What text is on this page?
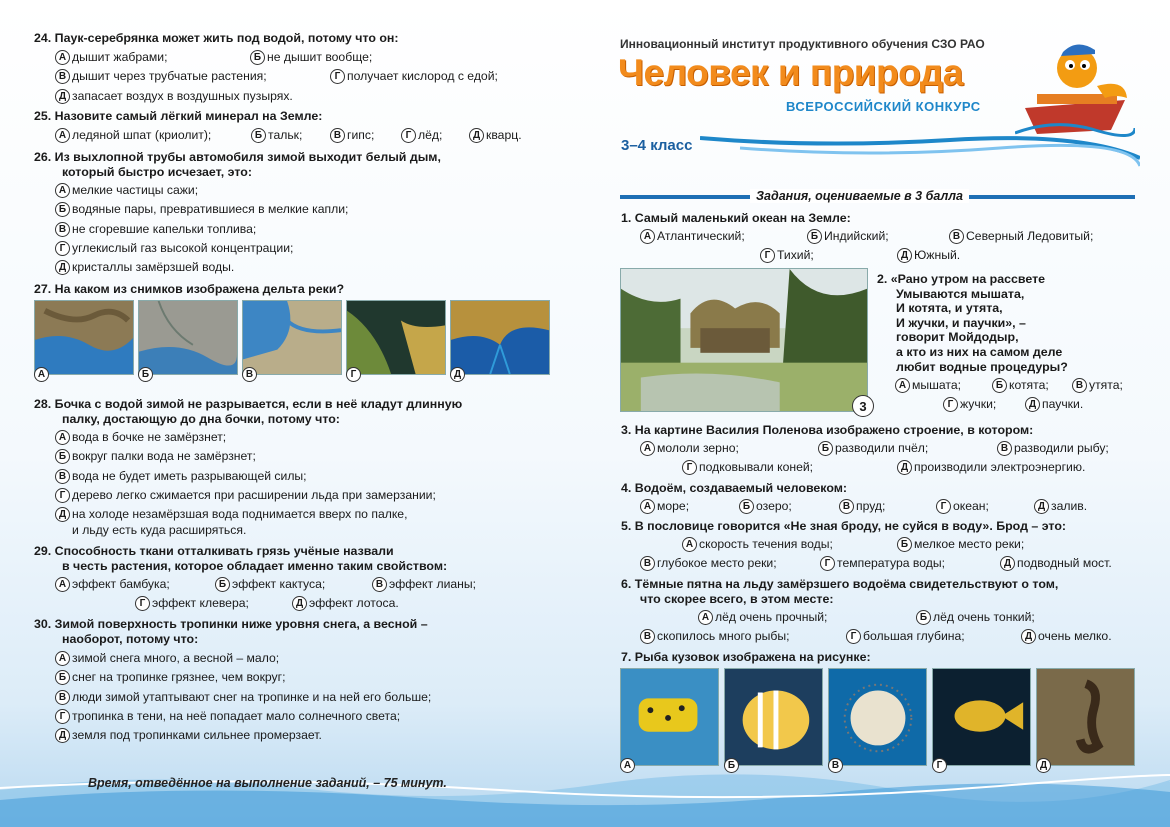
Инновационный институт продуктивного обучения СЗО РАО
Человек и природа
ВСЕРОССИЙСКИЙ КОНКУРС
3–4 класс
Задания, оцениваемые в 3 балла
24. Паук-серебрянка может жить под водой, потому что он:
А дышит жабрами;	Б не дышит вообще;
В дышит через трубчатые растения;	Г получает кислород с едой;
Д запасает воздух в воздушных пузырях.
25. Назовите самый лёгкий минерал на Земле:
А ледяной шпат (криолит);	Б тальк;	В гипс;	Г лёд;	Д кварц.
26. Из выхлопной трубы автомобиля зимой выходит белый дым,
который быстро исчезает, это:
А мелкие частицы сажи;
Б водяные пары, превратившиеся в мелкие капли;
В не сгоревшие капельки топлива;
Г углекислый газ высокой концентрации;
Д кристаллы замёрзшей воды.
27. На каком из снимков изображена дельта реки?
А	Б	В	Г	Д
28. Бочка с водой зимой не разрывается, если в неё кладут длинную
палку, достающую до дна бочки, потому что:
А вода в бочке не замёрзнет;
Б вокруг палки вода не замёрзнет;
В вода не будет иметь разрывающей силы;
Г дерево легко сжимается при расширении льда при замерзании;
Д на холоде незамёрзшая вода поднимается вверх по палке,
и льду есть куда расширяться.
29. Способность ткани отталкивать грязь учёные назвали
в честь растения, которое обладает именно таким свойством:
А эффект бамбука;	Б эффект кактуса;	В эффект лианы;
Г эффект клевера;	Д эффект лотоса.
30. Зимой поверхность тропинки ниже уровня снега, а весной –
наоборот, потому что:
А зимой снега много, а весной – мало;
Б снег на тропинке грязнее, чем вокруг;
В люди зимой утаптывают снег на тропинке и на ней его больше;
Г тропинка в тени, на неё попадает мало солнечного света;
Д земля под тропинками сильнее промерзает.
Время, отведённое на выполнение заданий, – 75 минут.
1. Самый маленький океан на Земле:
А Атлантический;	Б Индийский;	В Северный Ледовитый;
Г Тихий;	Д Южный.
3
2. «Рано утром на рассвете
Умываются мышата,
И котята, и утята,
И жучки, и паучки», –
говорит Мойдодыр,
а кто из них на самом деле
любит водные процедуры?
А мышата;	Б котята;	В утята;
Г жучки;	Д паучки.
3. На картине Василия Поленова изображено строение, в котором:
А мололи зерно;	Б разводили пчёл;	В разводили рыбу;
Г подковывали коней;	Д производили электроэнергию.
4. Водоём, создаваемый человеком:
А море;	Б озеро;	В пруд;	Г океан;	Д залив.
5. В пословице говорится «Не зная броду, не суйся в воду». Брод – это:
А скорость течения воды;	Б мелкое место реки;
В глубокое место реки;	Г температура воды;	Д подводный мост.
6. Тёмные пятна на льду замёрзшего водоёма свидетельствуют о том,
что скорее всего, в этом месте:
А лёд очень прочный;	Б лёд очень тонкий;
В скопилось много рыбы;	Г большая глубина;	Д очень мелко.
7. Рыба кузовок изображена на рисунке:
А	Б	В	Г	Д
